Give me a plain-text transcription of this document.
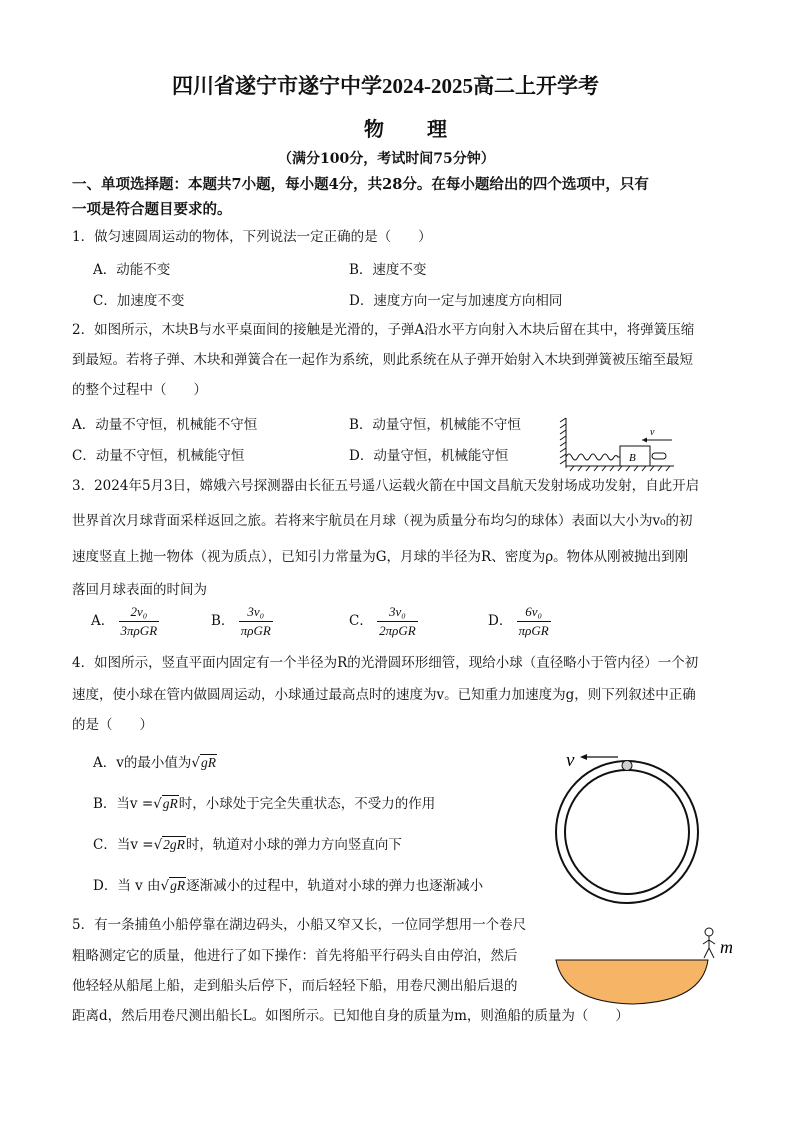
四川省遂宁市遂宁中学2024-2025高二上开学考
物 理
（满分100分，考试时间75分钟）
一、单项选择题：本题共7小题，每小题4分，共28分。在每小题给出的四个选项中，只有
一项是符合题目要求的。
1．做匀速圆周运动的物体，下列说法一定正确的是（　　）
A．动能不变	B．速度不变
C．加速度不变	D．速度方向一定与加速度方向相同
2．如图所示，木块B与水平桌面间的接触是光滑的，子弹A沿水平方向射入木块后留在其中，将弹簧压缩
到最短。若将子弹、木块和弹簧合在一起作为系统，则此系统在从子弹开始射入木块到弹簧被压缩至最短
的整个过程中（　　）
A．动量不守恒，机械能不守恒	B．动量守恒，机械能不守恒
C．动量不守恒，机械能守恒	D．动量守恒，机械能守恒	B
v
3．2024年5月3日，嫦娥六号探测器由长征五号遥八运载火箭在中国文昌航天发射场成功发射，自此开启
世界首次月球背面采样返回之旅。若将来宇航员在月球（视为质量分布均匀的球体）表面以大小为v₀的初
速度竖直上抛一物体（视为质点），已知引力常量为G，月球的半径为R、密度为ρ。物体从刚被抛出到刚
落回月球表面的时间为
A． $\frac{\text{2v₀}}{\text{3πρGR}}$	B． $\frac{\text{3v₀}}{\text{πρGR}}$	C． $\frac{\text{3v₀}}{\text{2πρGR}}$	D． $\frac{\text{6v₀}}{\text{πρGR}}$
4．如图所示，竖直平面内固定有一个半径为R的光滑圆环形细管，现给小球（直径略小于管内径）一个初
速度，使小球在管内做圆周运动，小球通过最高点时的速度为v。已知重力加速度为g，则下列叙述中正确
的是（　　）
A．v的最小值为√gR
B．当v =√gR时，小球处于完全失重状态，不受力的作用
C．当v =√2gR时，轨道对小球的弹力方向竖直向下
D．当 v 由√gR逐渐减小的过程中，轨道对小球的弹力也逐渐减小
v
5．有一条捕鱼小船停靠在湖边码头，小船又窄又长，一位同学想用一个卷尺
粗略测定它的质量，他进行了如下操作：首先将船平行码头自由停泊，然后
他轻轻从船尾上船，走到船头后停下，而后轻轻下船，用卷尺测出船后退的
距离d，然后用卷尺测出船长L。如图所示。已知他自身的质量为m，则渔船的质量为（　　）
m
